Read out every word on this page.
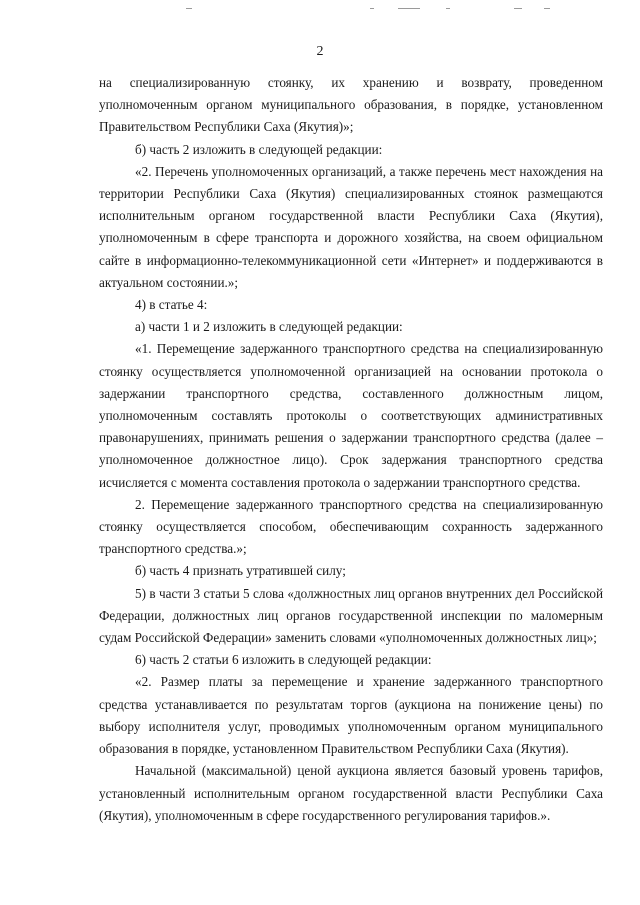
2

на специализированную стоянку, их хранению и возврату, проведенном уполномоченным органом муниципального образования, в порядке, установленном Правительством Республики Саха (Якутия)»;

б) часть 2 изложить в следующей редакции:

«2. Перечень уполномоченных организаций, а также перечень мест нахождения на территории Республики Саха (Якутия) специализированных стоянок размещаются исполнительным органом государственной власти Республики Саха (Якутия), уполномоченным в сфере транспорта и дорожного хозяйства, на своем официальном сайте в информационно-телекоммуникационной сети «Интернет» и поддерживаются в актуальном состоянии.»;

4) в статье 4:

а) части 1 и 2 изложить в следующей редакции:

«1. Перемещение задержанного транспортного средства на специализированную стоянку осуществляется уполномоченной организацией на основании протокола о задержании транспортного средства, составленного должностным лицом, уполномоченным составлять протоколы о соответствующих административных правонарушениях, принимать решения о задержании транспортного средства (далее – уполномоченное должностное лицо). Срок задержания транспортного средства исчисляется с момента составления протокола о задержании транспортного средства.

2. Перемещение задержанного транспортного средства на специализированную стоянку осуществляется способом, обеспечивающим сохранность задержанного транспортного средства.»;

б) часть 4 признать утратившей силу;

5) в части 3 статьи 5 слова «должностных лиц органов внутренних дел Российской Федерации, должностных лиц органов государственной инспекции по маломерным судам Российской Федерации» заменить словами «уполномоченных должностных лиц»;

6) часть 2 статьи 6 изложить в следующей редакции:

«2. Размер платы за перемещение и хранение задержанного транспортного средства устанавливается по результатам торгов (аукциона на понижение цены) по выбору исполнителя услуг, проводимых уполномоченным органом муниципального образования в порядке, установленном Правительством Республики Саха (Якутия).

Начальной (максимальной) ценой аукциона является базовый уровень тарифов, установленный исполнительным органом государственной власти Республики Саха (Якутия), уполномоченным в сфере государственного регулирования тарифов.».
